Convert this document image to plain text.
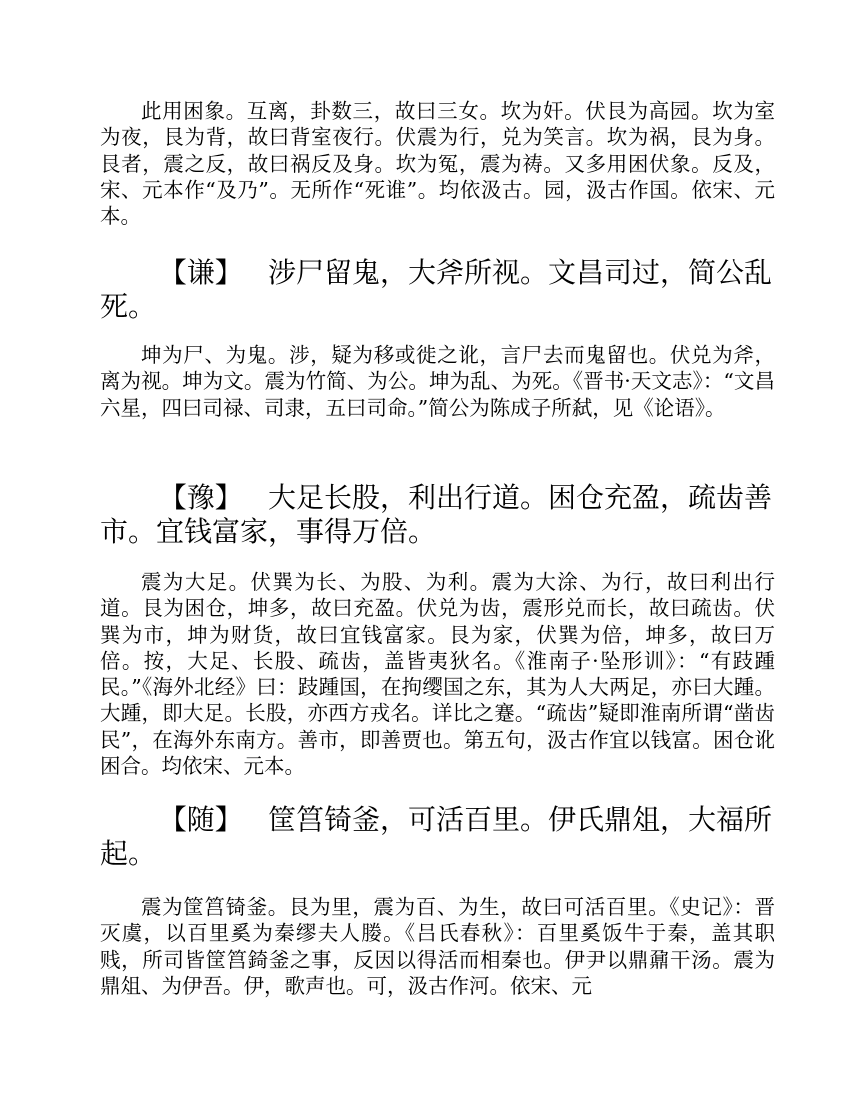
此用困象。互离，卦数三，故曰三女。坎为奸。伏艮为高园。坎为室为夜，艮为背，故曰背室夜行。伏震为行，兑为笑言。坎为祸，艮为身。艮者，震之反，故曰祸反及身。坎为冤，震为祷。又多用困伏象。反及，宋、元本作“及乃”。无所作“死谁”。均依汲古。园，汲古作国。依宋、元本。

【谦】 涉尸留鬼，大斧所视。文昌司过，简公乱死。

坤为尸、为鬼。涉，疑为移或徙之讹，言尸去而鬼留也。伏兑为斧，离为视。坤为文。震为竹简、为公。坤为乱、为死。《晋书·天文志》：“文昌六星，四曰司禄、司隶，五曰司命。”简公为陈成子所弑，见《论语》。

【豫】 大足长股，利出行道。困仓充盈，疏齿善市。宜钱富家，事得万倍。

震为大足。伏巽为长、为股、为利。震为大涂、为行，故曰利出行道。艮为困仓，坤多，故曰充盈。伏兑为齿，震形兑而长，故曰疏齿。伏巽为市，坤为财货，故曰宜钱富家。艮为家，伏巽为倍，坤多，故曰万倍。按，大足、长股、疏齿，盖皆夷狄名。《淮南子·坠形训》：“有跂踵民。”《海外北经》曰：跂踵国，在拘缨国之东，其为人大两足，亦曰大踵。大踵，即大足。长股，亦西方戎名。详比之蹇。“疏齿”疑即淮南所谓“凿齿民”，在海外东南方。善市，即善贾也。第五句，汲古作宜以钱富。困仓讹困合。均依宋、元本。

【随】 筐筥锜釜，可活百里。伊氏鼎俎，大福所起。

震为筐筥锜釜。艮为里，震为百、为生，故曰可活百里。《史记》：晋灭虞，以百里奚为秦缪夫人媵。《吕氏春秋》：百里奚饭牛于秦，盖其职贱，所司皆筐筥錡釜之事，反因以得活而相秦也。伊尹以鼎鼐干汤。震为鼎俎、为伊吾。伊，歌声也。可，汲古作河。依宋、元
